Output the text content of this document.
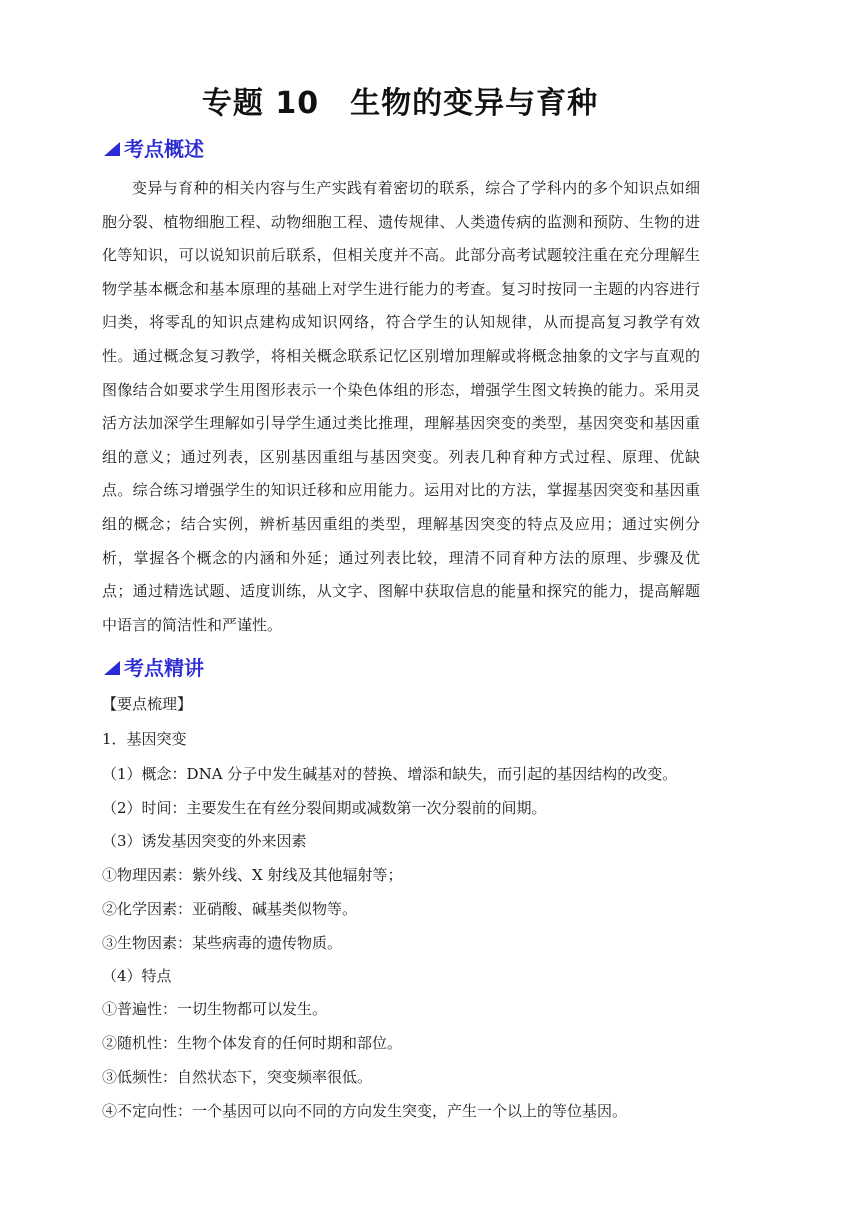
专题 10　生物的变异与育种
考点概述
变异与育种的相关内容与生产实践有着密切的联系，综合了学科内的多个知识点如细胞分裂、植物细胞工程、动物细胞工程、遗传规律、人类遗传病的监测和预防、生物的进化等知识，可以说知识前后联系，但相关度并不高。此部分高考试题较注重在充分理解生物学基本概念和基本原理的基础上对学生进行能力的考查。复习时按同一主题的内容进行归类，将零乱的知识点建构成知识网络，符合学生的认知规律，从而提高复习教学有效性。通过概念复习教学，将相关概念联系记忆区别增加理解或将概念抽象的文字与直观的图像结合如要求学生用图形表示一个染色体组的形态，增强学生图文转换的能力。采用灵活方法加深学生理解如引导学生通过类比推理，理解基因突变的类型，基因突变和基因重组的意义；通过列表，区别基因重组与基因突变。列表几种育种方式过程、原理、优缺点。综合练习增强学生的知识迁移和应用能力。运用对比的方法，掌握基因突变和基因重组的概念；结合实例，辨析基因重组的类型，理解基因突变的特点及应用；通过实例分析，掌握各个概念的内涵和外延；通过列表比较，理清不同育种方法的原理、步骤及优点；通过精选试题、适度训练，从文字、图解中获取信息的能量和探究的能力，提高解题中语言的简洁性和严谨性。
考点精讲
【要点梳理】
1．基因突变
（1）概念：DNA 分子中发生碱基对的替换、增添和缺失，而引起的基因结构的改变。
（2）时间：主要发生在有丝分裂间期或减数第一次分裂前的间期。
（3）诱发基因突变的外来因素
①物理因素：紫外线、X 射线及其他辐射等；
②化学因素：亚硝酸、碱基类似物等。
③生物因素：某些病毒的遗传物质。
（4）特点
①普遍性：一切生物都可以发生。
②随机性：生物个体发育的任何时期和部位。
③低频性：自然状态下，突变频率很低。
④不定向性：一个基因可以向不同的方向发生突变，产生一个以上的等位基因。
